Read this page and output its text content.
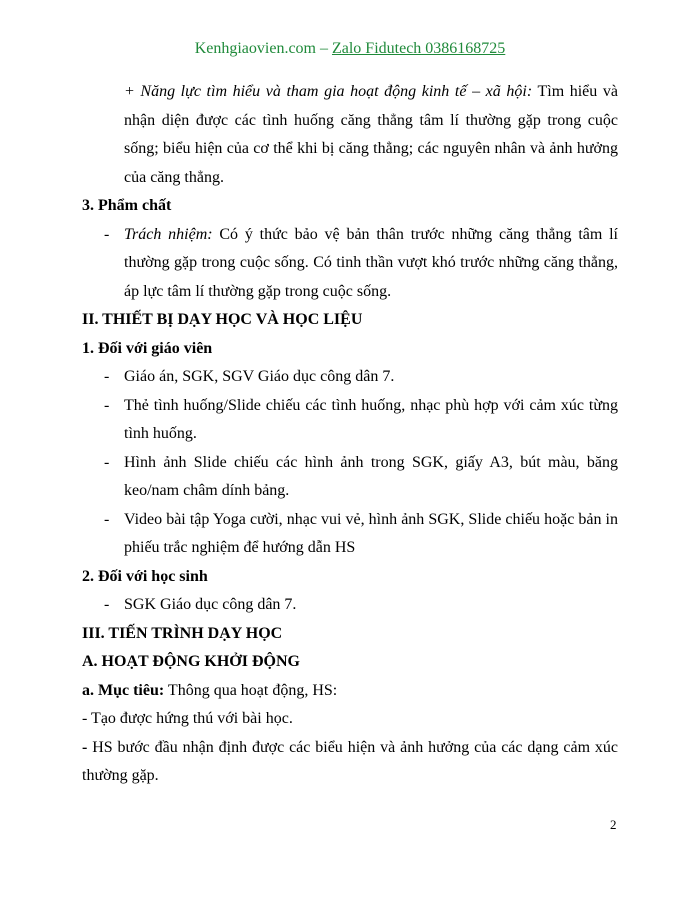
Kenhgiaovien.com – Zalo Fidutech 0386168725

+ Năng lực tìm hiểu và tham gia hoạt động kinh tế – xã hội: Tìm hiểu và nhận diện được các tình huống căng thẳng tâm lí thường gặp trong cuộc sống; biểu hiện của cơ thể khi bị căng thẳng; các nguyên nhân và ảnh hưởng của căng thẳng.

3. Phẩm chất

- Trách nhiệm: Có ý thức bảo vệ bản thân trước những căng thẳng tâm lí thường gặp trong cuộc sống. Có tinh thần vượt khó trước những căng thẳng, áp lực tâm lí thường gặp trong cuộc sống.

II. THIẾT BỊ DẠY HỌC VÀ HỌC LIỆU

1. Đối với giáo viên

- Giáo án, SGK, SGV Giáo dục công dân 7.
- Thẻ tình huống/Slide chiếu các tình huống, nhạc phù hợp với cảm xúc từng tình huống.
- Hình ảnh Slide chiếu các hình ảnh trong SGK, giấy A3, bút màu, băng keo/nam châm dính bảng.
- Video bài tập Yoga cười, nhạc vui vẻ, hình ảnh SGK, Slide chiếu hoặc bản in phiếu trắc nghiệm để hướng dẫn HS

2. Đối với học sinh

- SGK Giáo dục công dân 7.

III. TIẾN TRÌNH DẠY HỌC

A. HOẠT ĐỘNG KHỞI ĐỘNG

a. Mục tiêu: Thông qua hoạt động, HS:

- Tạo được hứng thú với bài học.

- HS bước đầu nhận định được các biểu hiện và ảnh hưởng của các dạng cảm xúc thường gặp.

2
